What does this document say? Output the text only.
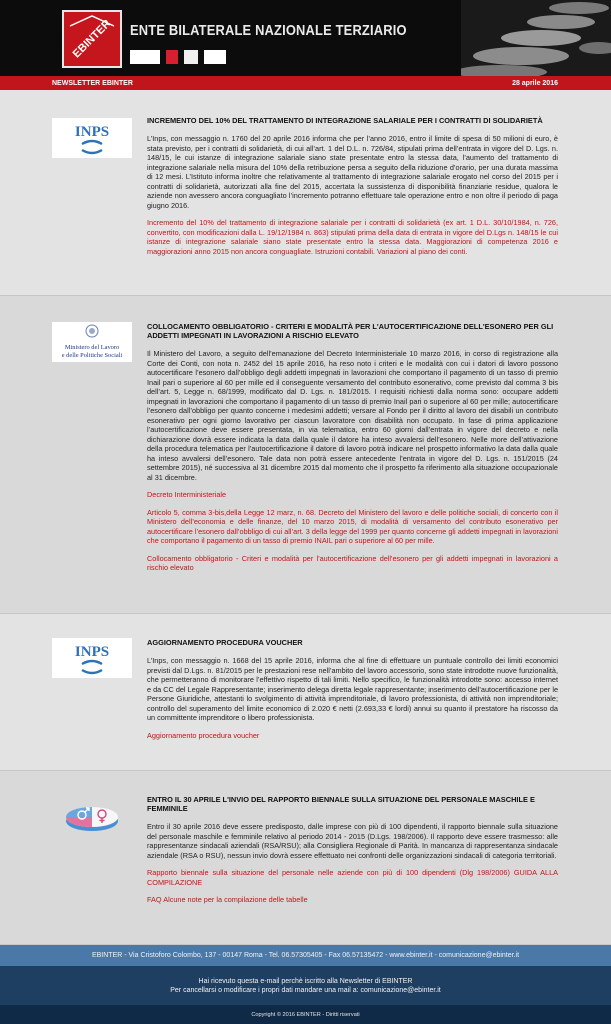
EBINTER ENTE BILATERALE NAZIONALE TERZIARIO
NEWSLETTER EBINTER	28 aprile 2016
INPS
INCREMENTO DEL 10% DEL TRATTAMENTO DI INTEGRAZIONE SALARIALE PER I CONTRATTI DI SOLIDARIETÀ

L’Inps, con messaggio n. 1760 del 20 aprile 2016 informa che per l’anno 2016, entro il limite di spesa di 50 milioni di euro, è stata previsto, per i contratti di solidarietà, di cui all’art. 1 del D.L. n. 726/84, stipulati prima dell’entrata in vigore del D. Lgs. n. 148/15, le cui istanze di integrazione salariale siano state presentate entro la stessa data, l’aumento del trattamento di integrazione salariale nella misura del 10% della retribuzione persa a seguito della riduzione d’orario, per una durata massima di 12 mesi. L’Istituto informa inoltre che relativamente al trattamento di integrazione salariale erogato nel corso del 2015 per i contratti di solidarietà, autorizzati alla fine del 2015, accertata la sussistenza di disponibilità finanziarie residue, qualora le aziende non avessero ancora conguagliato l’incremento potranno effettuare tale operazione entro e non oltre il periodo di paga giugno 2016.

Incremento del 10% del trattamento di integrazione salariale per i contratti di solidarietà (ex art. 1 D.L. 30/10/1984, n. 726, convertito, con modificazioni dalla L. 19/12/1984 n. 863) stipulati prima della data di entrata in vigore del D.Lgs n. 148/15 le cui istanze di integrazione salariale siano state presentate entro la stessa data. Maggiorazioni di competenza 2016 e maggiorazioni anno 2015 non ancora conguagliate. Istruzioni contabili. Variazioni al piano dei conti.

Ministero del Lavoro
e delle Politiche Sociali
COLLOCAMENTO OBBLIGATORIO - CRITERI E MODALITÀ PER L'AUTOCERTIFICAZIONE DELL'ESONERO PER GLI ADDETTI IMPEGNATI IN LAVORAZIONI A RISCHIO ELEVATO

Il Ministero del Lavoro, a seguito dell’emanazione del Decreto Interministeriale 10 marzo 2016, in corso di registrazione alla Corte dei Conti, con nota n. 2452 del 15 aprile 2016, ha reso noto i criteri e le modalità con cui i datori di lavoro possono autocertificare l’esonero dall’obbligo degli addetti impegnati in lavorazioni che comportano il pagamento di un tasso di premio Inail pari o superiore al 60 per mille ed il conseguente versamento del contributo esonerativo, come previsto dal comma 3 bis dell’art. 5, Legge n. 68/1999, modificato dal D. Lgs. n. 181/2015. I requisiti richiesti dalla norma sono: occupare addetti impegnati in lavorazioni che comportano il pagamento di un tasso di premio Inail pari o superiore al 60 per mille; autocertificare l’esonero dall’obbligo per quanto concerne i medesimi addetti; versare al Fondo per il diritto al lavoro dei disabili un contributo esonerativo per ogni giorno lavorativo per ciascun lavoratore con disabilità non occupato. In fase di prima applicazione l’autocertificazione deve essere presentata, in via telematica, entro 60 giorni dall’entrata in vigore del decreto e nella dichiarazione dovrà essere indicata la data dalla quale il datore ha inteso avvalersi dell’esonero. Nelle more dell’attivazione della procedura telematica per l’autocertificazione il datore di lavoro potrà indicare nel prospetto informativo la data dalla quale ha inteso avvalersi dell’esonero. Tale data non potrà essere antecedente l’entrata in vigore del D. Lgs. n. 151/2015 (24 settembre 2015), né successiva al 31 dicembre 2015 dal momento che il prospetto fa riferimento alla situazione occupazionale al 31 dicembre.

Decreto Interministeriale

Articolo 5, comma 3-bis,della Legge 12 marz, n. 68. Decreto del Ministero del lavoro e delle politiche sociali, di concerto con il Ministero dell’economia e delle finanze, del 10 marzo 2015, di modalità di versamento del contributo esonerativo per autocertificare l’esonero dall’obbligo di cui all’art. 3 della legge del 1999 per quanto concerne gli addetti impegnati in lavorazioni che comportano il pagamento di un tasso di premio INAIL pari o superiore al 60 per mille.

Collocamento obbligatorio - Criteri e modalità per l'autocertificazione dell'esonero per gli addetti impegnati in lavorazioni a rischio elevato

INPS
AGGIORNAMENTO PROCEDURA VOUCHER

L’Inps, con messaggio n. 1668 del 15 aprile 2016, informa che al fine di effettuare un puntuale controllo dei limiti economici previsti dal D.Lgs. n. 81/2015 per le prestazioni rese nell’ambito del lavoro accessorio, sono state introdotte nuove funzionalità, che permetteranno di monitorare l’effettivo rispetto di tali limiti. Nello specifico, le funzionalità introdotte sono: accesso internet e da CC del Legale Rappresentante; inserimento delega diretta legale rappresentante; inserimento dell’autocertificazione per le Persone Giuridiche, attestanti lo svolgimento di attività imprenditoriale, di lavoro professionista, di attività non imprenditoriale; controllo del superamento del limite economico di 2.020 € netti (2.693,33 € lordi) annui su quanto il prestatore ha riscosso da un committente imprenditore o libero professionista.

Aggiornamento procedura voucher

ENTRO IL 30 APRILE L'INVIO DEL RAPPORTO BIENNALE SULLA SITUAZIONE DEL PERSONALE MASCHILE E FEMMINILE

Entro il 30 aprile 2016 deve essere predisposto, dalle imprese con più di 100 dipendenti, il rapporto biennale sulla situazione del personale maschile e femminile relativo al periodo 2014 - 2015 (D.Lgs. 198/2006). Il rapporto deve essere trasmesso: alle rappresentanze sindacali aziendali (RSA/RSU); alla Consigliera Regionale di Parità. In mancanza di rappresentanza sindacale aziendale (RSA o RSU), nessun invio dovrà essere effettuato nei confronti delle organizzazioni sindacali di categoria territoriali.

Rapporto biennale sulla situazione del personale nelle aziende con più di 100 dipendenti (Dlg 198/2006) GUIDA ALLA COMPILAZIONE

FAQ Alcune note per la compilazione delle tabelle

EBINTER - Via Cristoforo Colombo, 137 - 00147 Roma - Tel. 06.57305405 - Fax 06.57135472 - www.ebinter.it - comunicazione@ebinter.it
Hai ricevuto questa e-mail perchè iscritto alla Newsletter di EBINTER
Per cancellarsi o modificare i propri dati mandare una mail a: comunicazione@ebinter.it
Copyright © 2016 EBINTER - Diritti riservati
